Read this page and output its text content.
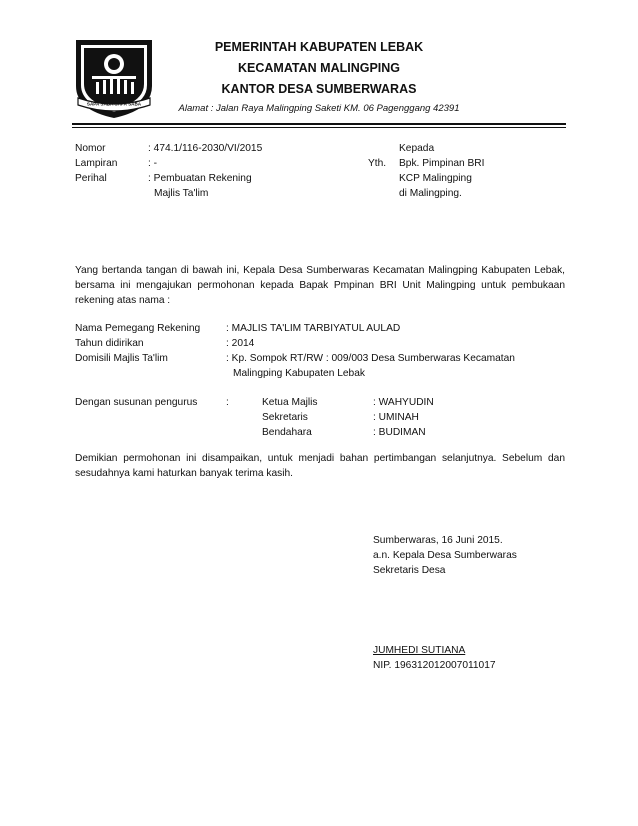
SAPA SABA SAPA SABA
PEMERINTAH KABUPATEN LEBAK
KECAMATAN MALINGPING
KANTOR DESA SUMBERWARAS
Alamat : Jalan Raya Malingping Saketi KM. 06 Pagenggang 42391
Nomor	: 474.1/116-2030/VI/2015
Lampiran	: -
Perihal	: Pembuatan Rekening
Majlis Ta'lim
Kepada
Yth. Bpk. Pimpinan BRI
KCP Malingping
di Malingping.
Yang bertanda tangan di bawah ini, Kepala Desa Sumberwaras Kecamatan Malingping Kabupaten Lebak, bersama ini mengajukan permohonan kepada Bapak Pmpinan BRI Unit Malingping untuk pembukaan rekening atas nama :
Nama Pemegang Rekening	: MAJLIS TA'LIM TARBIYATUL AULAD
Tahun didirikan	: 2014
Domisili Majlis Ta'lim	: Kp. Sompok RT/RW : 009/003 Desa Sumberwaras Kecamatan
Malingping Kabupaten Lebak
Dengan susunan pengurus	:	Ketua Majlis	: WAHYUDIN
Sekretaris	: UMINAH
Bendahara	: BUDIMAN
Demikian permohonan ini disampaikan, untuk menjadi bahan pertimbangan selanjutnya. Sebelum dan sesudahnya kami haturkan banyak terima kasih.
Sumberwaras, 16 Juni 2015.
a.n. Kepala Desa Sumberwaras
Sekretaris Desa
JUMHEDI SUTIANA
NIP. 196312012007011017
